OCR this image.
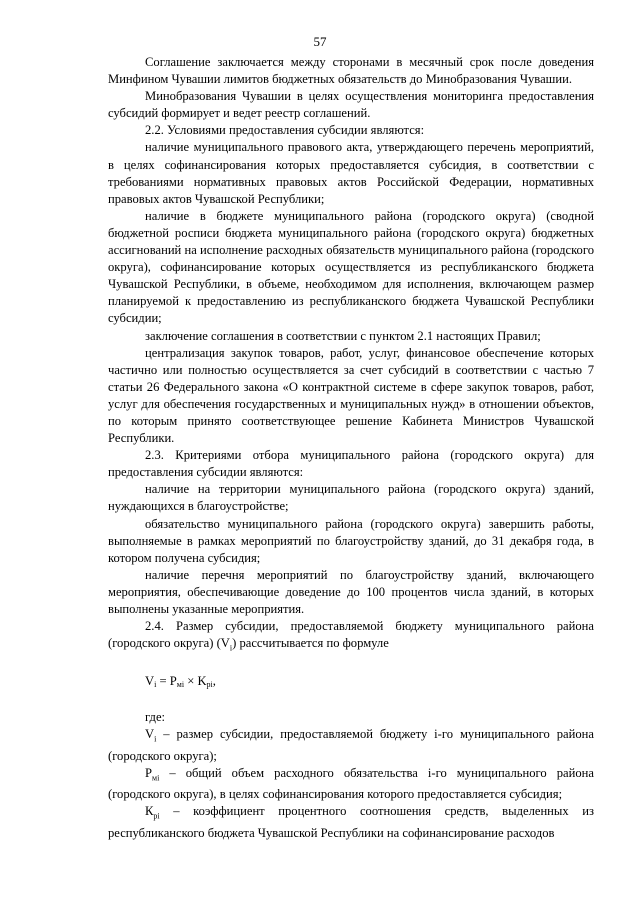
57

Соглашение заключается между сторонами в месячный срок после доведения Минфином Чувашии лимитов бюджетных обязательств до Минобразования Чувашии.

Минобразования Чувашии в целях осуществления мониторинга предоставления субсидий формирует и ведет реестр соглашений.

2.2. Условиями предоставления субсидии являются:

наличие муниципального правового акта, утверждающего перечень мероприятий, в целях софинансирования которых предоставляется субсидия, в соответствии с требованиями нормативных правовых актов Российской Федерации, нормативных правовых актов Чувашской Республики;

наличие в бюджете муниципального района (городского округа) (сводной бюджетной росписи бюджета муниципального района (городского округа) бюджетных ассигнований на исполнение расходных обязательств муниципального района (городского округа), софинансирование которых осуществляется из республиканского бюджета Чувашской Республики, в объеме, необходимом для исполнения, включающем размер планируемой к предоставлению из республиканского бюджета Чувашской Республики субсидии;

заключение соглашения в соответствии с пунктом 2.1 настоящих Правил;

централизация закупок товаров, работ, услуг, финансовое обеспечение которых частично или полностью осуществляется за счет субсидий в соответствии с частью 7 статьи 26 Федерального закона «О контрактной системе в сфере закупок товаров, работ, услуг для обеспечения государственных и муниципальных нужд» в отношении объектов, по которым принято соответствующее решение Кабинета Министров Чувашской Республики.

2.3. Критериями отбора муниципального района (городского округа) для предоставления субсидии являются:

наличие на территории муниципального района (городского округа) зданий, нуждающихся в благоустройстве;

обязательство муниципального района (городского округа) завершить работы, выполняемые в рамках мероприятий по благоустройству зданий, до 31 декабря года, в котором получена субсидия;

наличие перечня мероприятий по благоустройству зданий, включающего мероприятия, обеспечивающие доведение до 100 процентов числа зданий, в которых выполнены указанные мероприятия.

2.4. Размер субсидии, предоставляемой бюджету муниципального района (городского округа) $(V_i)$ рассчитывается по формуле

$V_i = P_{мi} \times K_{pi}$,

где:

$V_i$ – размер субсидии, предоставляемой бюджету i-го муниципального района (городского округа);

$Р_{мi}$ – общий объем расходного обязательства i-го муниципального района (городского округа), в целях софинансирования которого предоставляется субсидия;

$К_{рi}$ – коэффициент процентного соотношения средств, выделенных из республиканского бюджета Чувашской Республики на софинансирование расходов
